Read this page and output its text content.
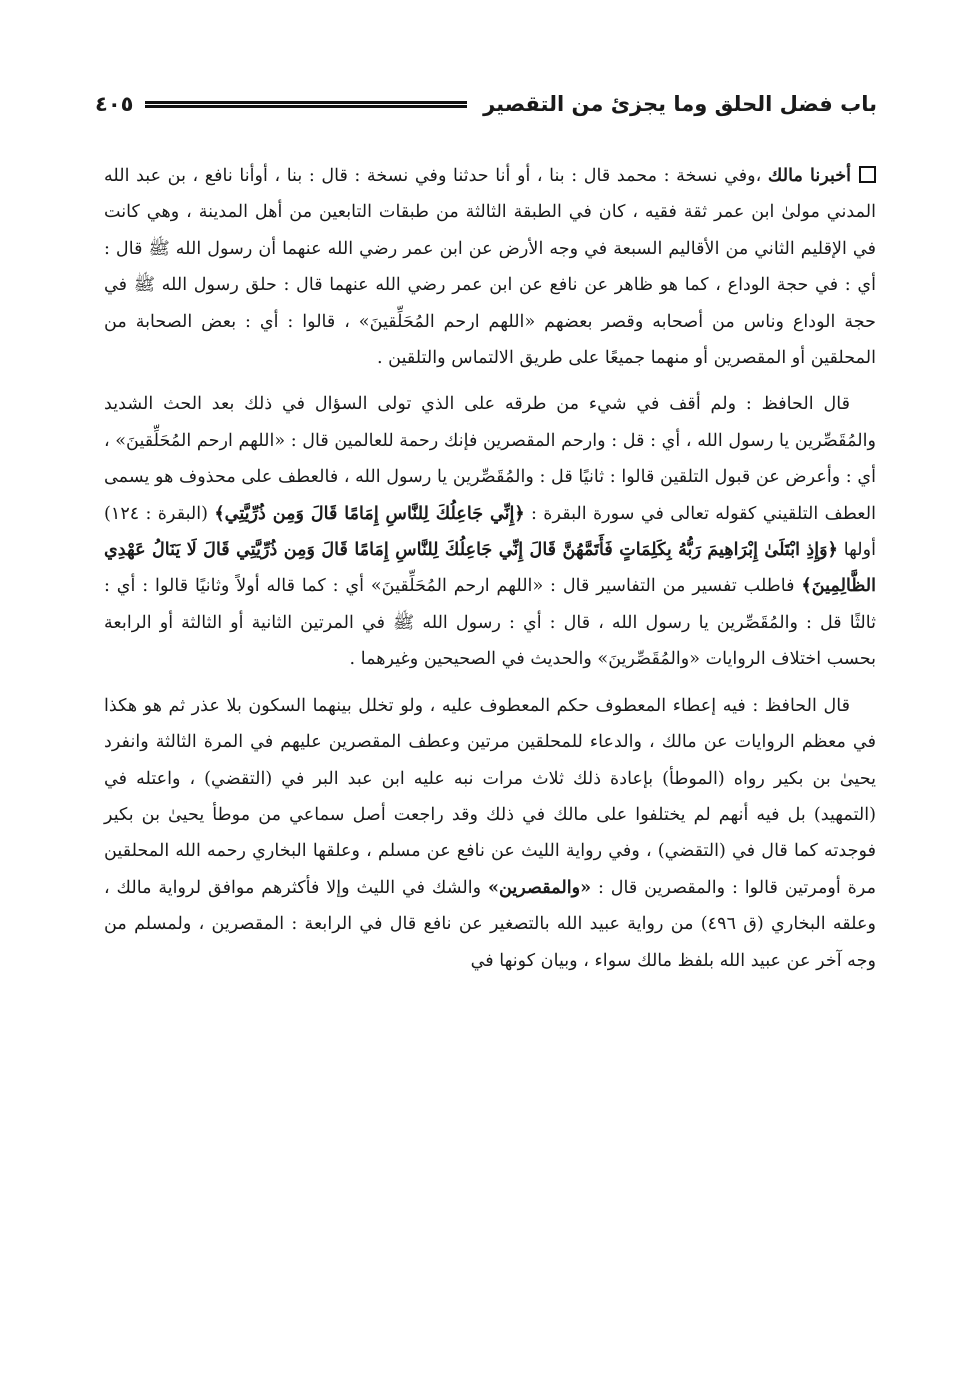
باب فضل الحلق وما يجزئ من التقصير
٤٠٥

أخبرنا مالك ،وفي نسخة : محمد قال : بنا ، أو أنا حدثنا وفي نسخة : قال : بنا ، أوأنا نافع ، بن عبد الله المدني مولىٰ ابن عمر ثقة فقيه ، كان في الطبقة الثالثة من طبقات التابعين من أهل المدينة ، وهي كانت في الإقليم الثاني من الأقاليم السبعة في وجه الأرض عن ابن عمر رضي الله عنهما أن رسول الله ﷺ قال : أي : في حجة الوداع ، كما هو ظاهر عن نافع عن ابن عمر رضي الله عنهما قال : حلق رسول الله ﷺ في حجة الوداع وناس من أصحابه وقصر بعضهم «اللهم ارحم المُحَلِّقينَ» ، قالوا : أي : بعض الصحابة من المحلقين أو المقصرين أو منهما جميعًا على طريق الالتماس والتلقين .

قال الحافظ : ولم أقف في شيء من طرقه على الذي تولى السؤال في ذلك بعد الحث الشديد والمُقَصِّرين يا رسول الله ، أي : قل : وارحم المقصرين فإنك رحمة للعالمين قال : «اللهم ارحم المُحَلِّقينَ» ، أي : وأعرض عن قبول التلقين قالوا : ثانيًا قل : والمُقَصِّرين يا رسول الله ، فالعطف على محذوف هو يسمى العطف التلقيني كقوله تعالى في سورة البقرة : ﴿إِنِّي جَاعِلُكَ لِلنَّاسِ إِمَامًا قَالَ وَمِن ذُرِّيَّتِي﴾ (البقرة : ١٢٤) أولها ﴿وَإِذِ ابْتَلَىٰ إِبْرَاهِيمَ رَبُّهُ بِكَلِمَاتٍ فَأَتَمَّهُنَّ قَالَ إِنِّي جَاعِلُكَ لِلنَّاسِ إِمَامًا قَالَ وَمِن ذُرِّيَّتِي قَالَ لَا يَنَالُ عَهْدِي الظَّالِمِينَ﴾ فاطلب تفسير من التفاسير قال : «اللهم ارحم المُحَلِّقينَ» أي : كما قاله أولاً وثانيًا قالوا : أي : ثالثًا قل : والمُقَصِّرين يا رسول الله ، قال : أي : رسول الله ﷺ في المرتين الثانية أو الثالثة أو الرابعة بحسب اختلاف الروايات «والمُقَصِّرينَ» والحديث في الصحيحين وغيرهما .

قال الحافظ : فيه إعطاء المعطوف حكم المعطوف عليه ، ولو تخلل بينهما السكون بلا عذر ثم هو هكذا في معظم الروايات عن مالك ، والدعاء للمحلقين مرتين وعطف المقصرين عليهم في المرة الثالثة وانفرد يحيىٰ بن بكير رواه (الموطأ) بإعادة ذلك ثلاث مرات نبه عليه ابن عبد البر في (التقضي) ، واعتله في (التمهيد) بل فيه أنهم لم يختلفوا على مالك في ذلك وقد راجعت أصل سماعي من موطأ يحيىٰ بن بكير فوجدته كما قال في (التقضي) ، وفي رواية الليث عن نافع عن مسلم ، وعلقها البخاري رحمه الله المحلقين مرة أومرتين قالوا : والمقصرين قال : «والمقصرين» والشك في الليث وإلا فأكثرهم موافق لرواية مالك ، وعلقه البخاري (ق ٤٩٦) من رواية عبيد الله بالتصغير عن نافع قال في الرابعة : المقصرين ، ولمسلم من وجه آخر عن عبيد الله بلفظ مالك سواء ، وبيان كونها في
